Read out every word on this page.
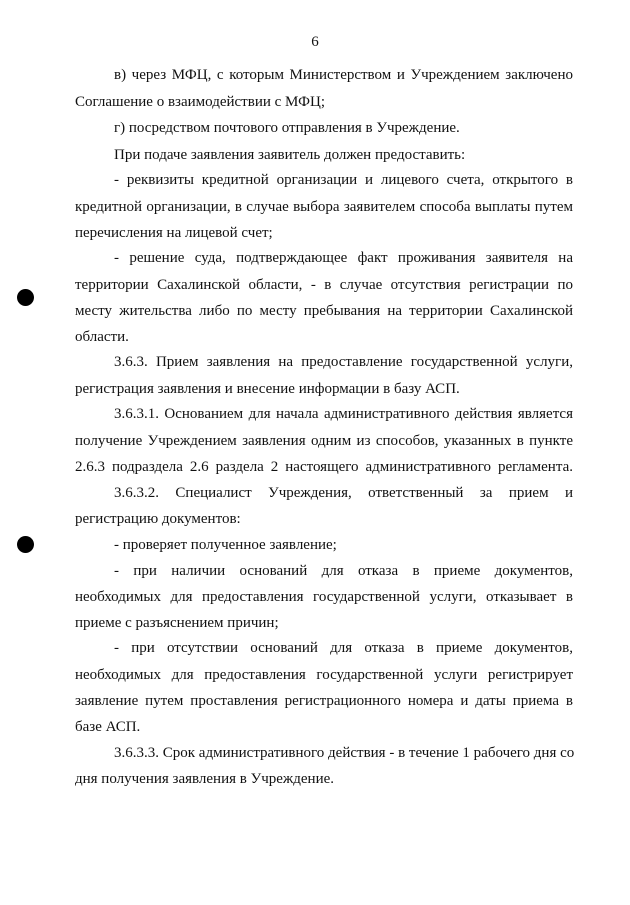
6
в) через МФЦ, с которым Министерством и Учреждением заключено
Соглашение о взаимодействии с МФЦ;
г) посредством почтового отправления в Учреждение.
При подаче заявления заявитель должен предоставить:
- реквизиты кредитной организации и лицевого счета, открытого в
кредитной организации, в случае выбора заявителем способа выплаты путем
перечисления на лицевой счет;
- решение суда, подтверждающее факт проживания заявителя на
территории Сахалинской области, - в случае отсутствия регистрации по
месту жительства либо по месту пребывания на территории Сахалинской
области.
3.6.3. Прием заявления на предоставление государственной услуги,
регистрация заявления и внесение информации в базу АСП.
3.6.3.1. Основанием для начала административного действия является
получение Учреждением заявления одним из способов, указанных в пункте
2.6.3 подраздела 2.6 раздела 2 настоящего административного регламента.
3.6.3.2. Специалист Учреждения, ответственный за прием и
регистрацию документов:
- проверяет полученное заявление;
- при наличии оснований для отказа в приеме документов,
необходимых для предоставления государственной услуги, отказывает в
приеме с разъяснением причин;
- при отсутствии оснований для отказа в приеме документов,
необходимых для предоставления государственной услуги регистрирует
заявление путем проставления регистрационного номера и даты приема в
базе АСП.
3.6.3.3. Срок административного действия - в течение 1 рабочего дня со
дня получения заявления в Учреждение.
